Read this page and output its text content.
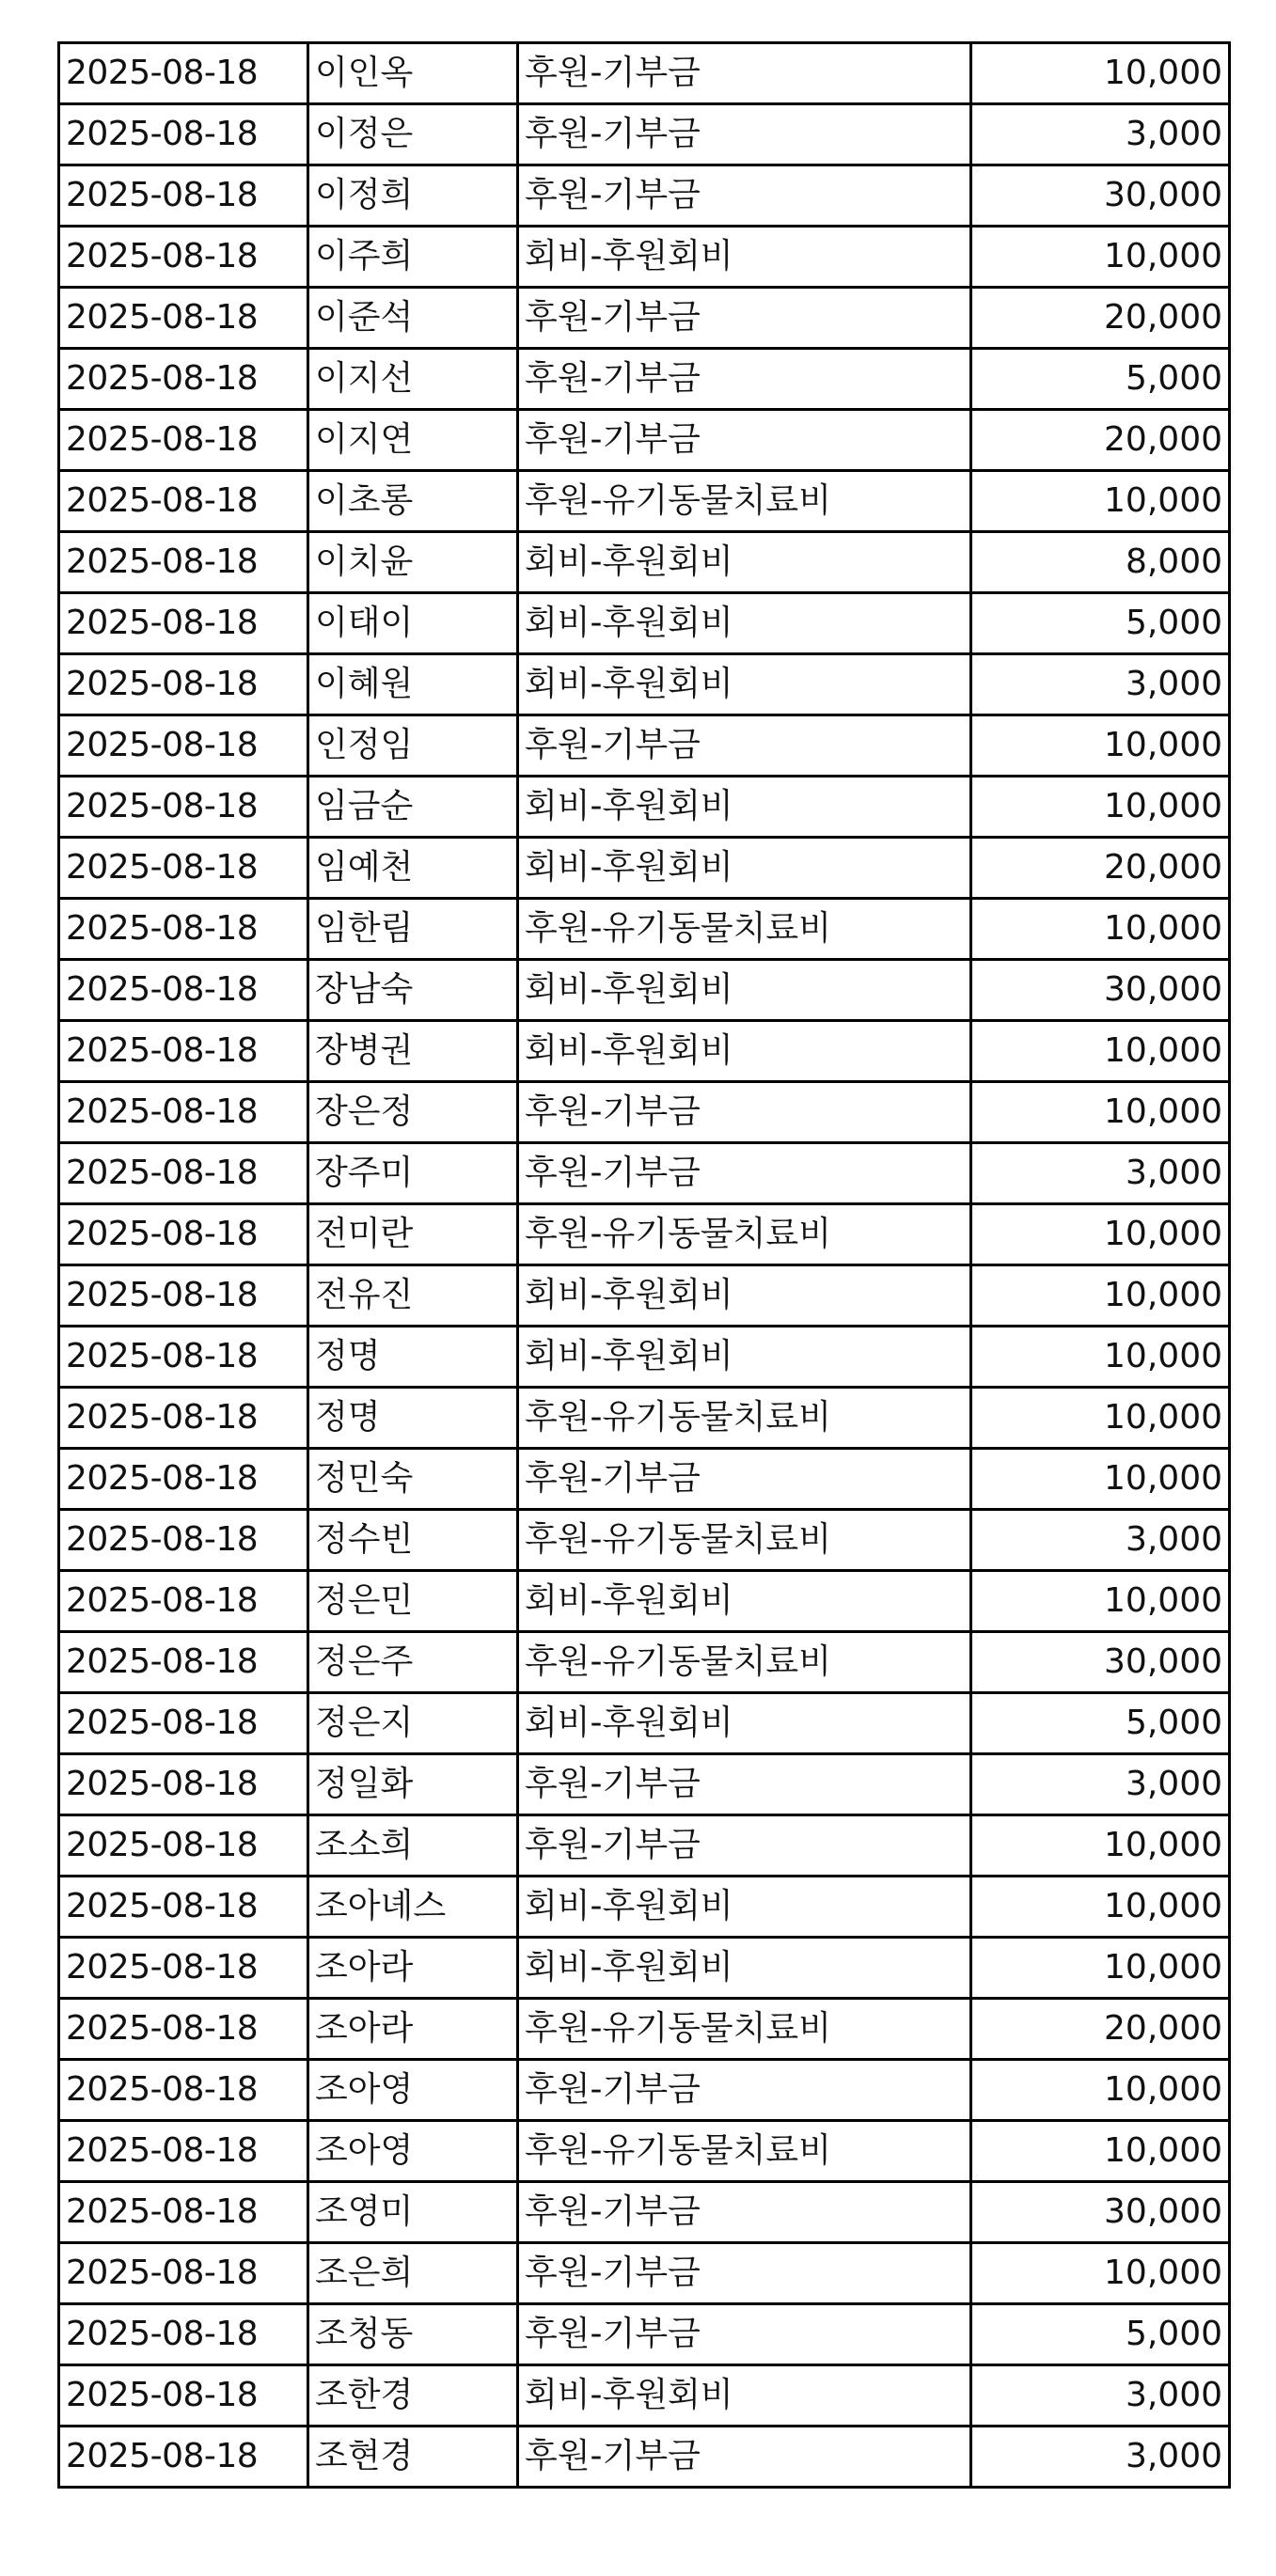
2025-08-18	이인옥	후원-기부금	10,000
2025-08-18	이정은	후원-기부금	3,000
2025-08-18	이정희	후원-기부금	30,000
2025-08-18	이주희	회비-후원회비	10,000
2025-08-18	이준석	후원-기부금	20,000
2025-08-18	이지선	후원-기부금	5,000
2025-08-18	이지연	후원-기부금	20,000
2025-08-18	이초롱	후원-유기동물치료비	10,000
2025-08-18	이치윤	회비-후원회비	8,000
2025-08-18	이태이	회비-후원회비	5,000
2025-08-18	이혜원	회비-후원회비	3,000
2025-08-18	인정임	후원-기부금	10,000
2025-08-18	임금순	회비-후원회비	10,000
2025-08-18	임예천	회비-후원회비	20,000
2025-08-18	임한림	후원-유기동물치료비	10,000
2025-08-18	장남숙	회비-후원회비	30,000
2025-08-18	장병권	회비-후원회비	10,000
2025-08-18	장은정	후원-기부금	10,000
2025-08-18	장주미	후원-기부금	3,000
2025-08-18	전미란	후원-유기동물치료비	10,000
2025-08-18	전유진	회비-후원회비	10,000
2025-08-18	정명	회비-후원회비	10,000
2025-08-18	정명	후원-유기동물치료비	10,000
2025-08-18	정민숙	후원-기부금	10,000
2025-08-18	정수빈	후원-유기동물치료비	3,000
2025-08-18	정은민	회비-후원회비	10,000
2025-08-18	정은주	후원-유기동물치료비	30,000
2025-08-18	정은지	회비-후원회비	5,000
2025-08-18	정일화	후원-기부금	3,000
2025-08-18	조소희	후원-기부금	10,000
2025-08-18	조아녜스	회비-후원회비	10,000
2025-08-18	조아라	회비-후원회비	10,000
2025-08-18	조아라	후원-유기동물치료비	20,000
2025-08-18	조아영	후원-기부금	10,000
2025-08-18	조아영	후원-유기동물치료비	10,000
2025-08-18	조영미	후원-기부금	30,000
2025-08-18	조은희	후원-기부금	10,000
2025-08-18	조청동	후원-기부금	5,000
2025-08-18	조한경	회비-후원회비	3,000
2025-08-18	조현경	후원-기부금	3,000
